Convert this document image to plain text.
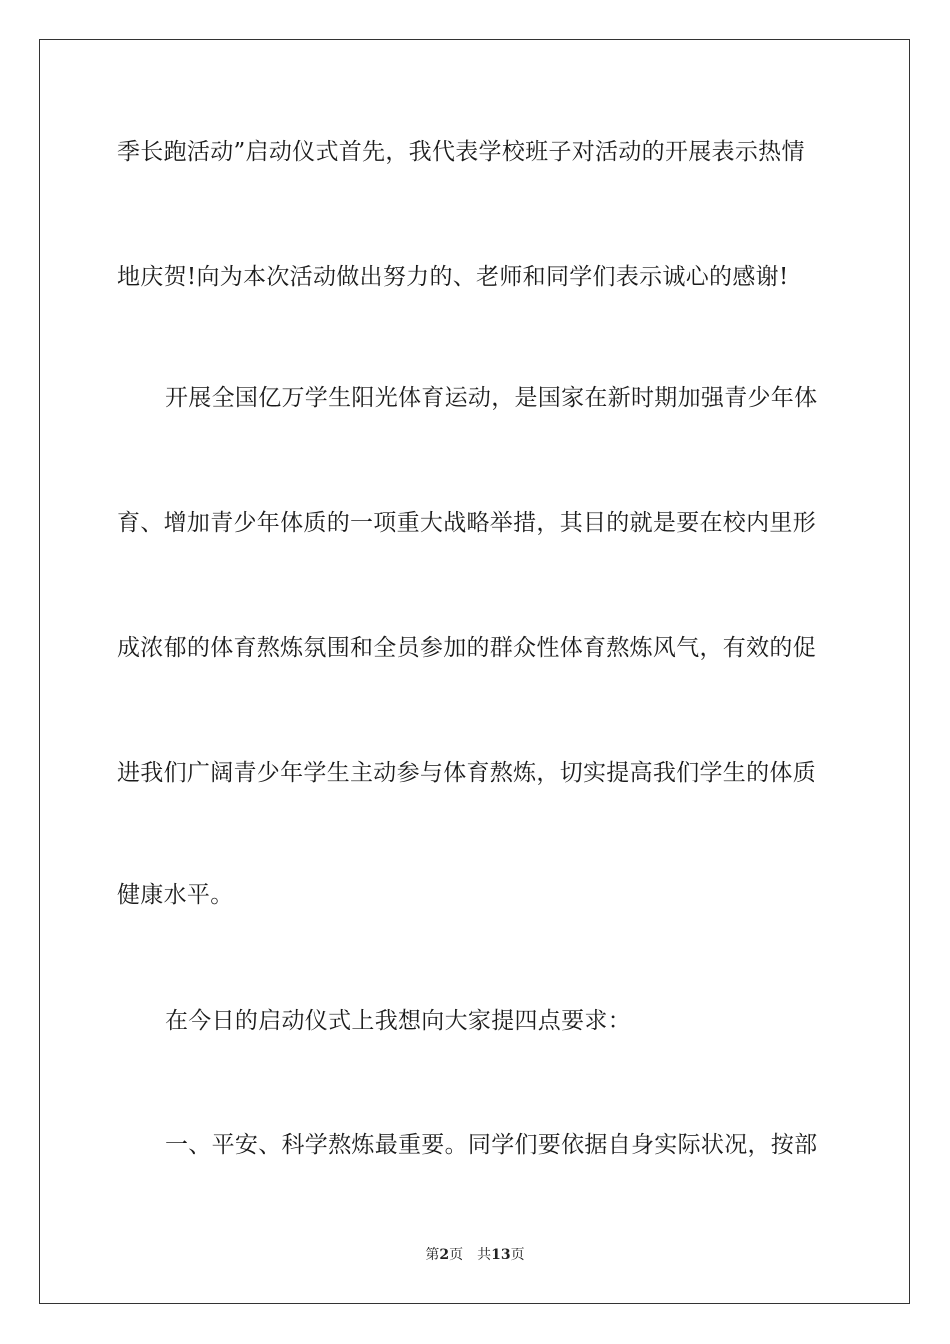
季长跑活动”启动仪式首先，我代表学校班子对活动的开展表示热情
地庆贺!向为本次活动做出努力的、老师和同学们表示诚心的感谢!
开展全国亿万学生阳光体育运动，是国家在新时期加强青少年体
育、增加青少年体质的一项重大战略举措，其目的就是要在校内里形
成浓郁的体育熬炼氛围和全员参加的群众性体育熬炼风气，有效的促
进我们广阔青少年学生主动参与体育熬炼，切实提高我们学生的体质
健康水平。
在今日的启动仪式上我想向大家提四点要求：
一、平安、科学熬炼最重要。同学们要依据自身实际状况，按部
第2页 共13页
